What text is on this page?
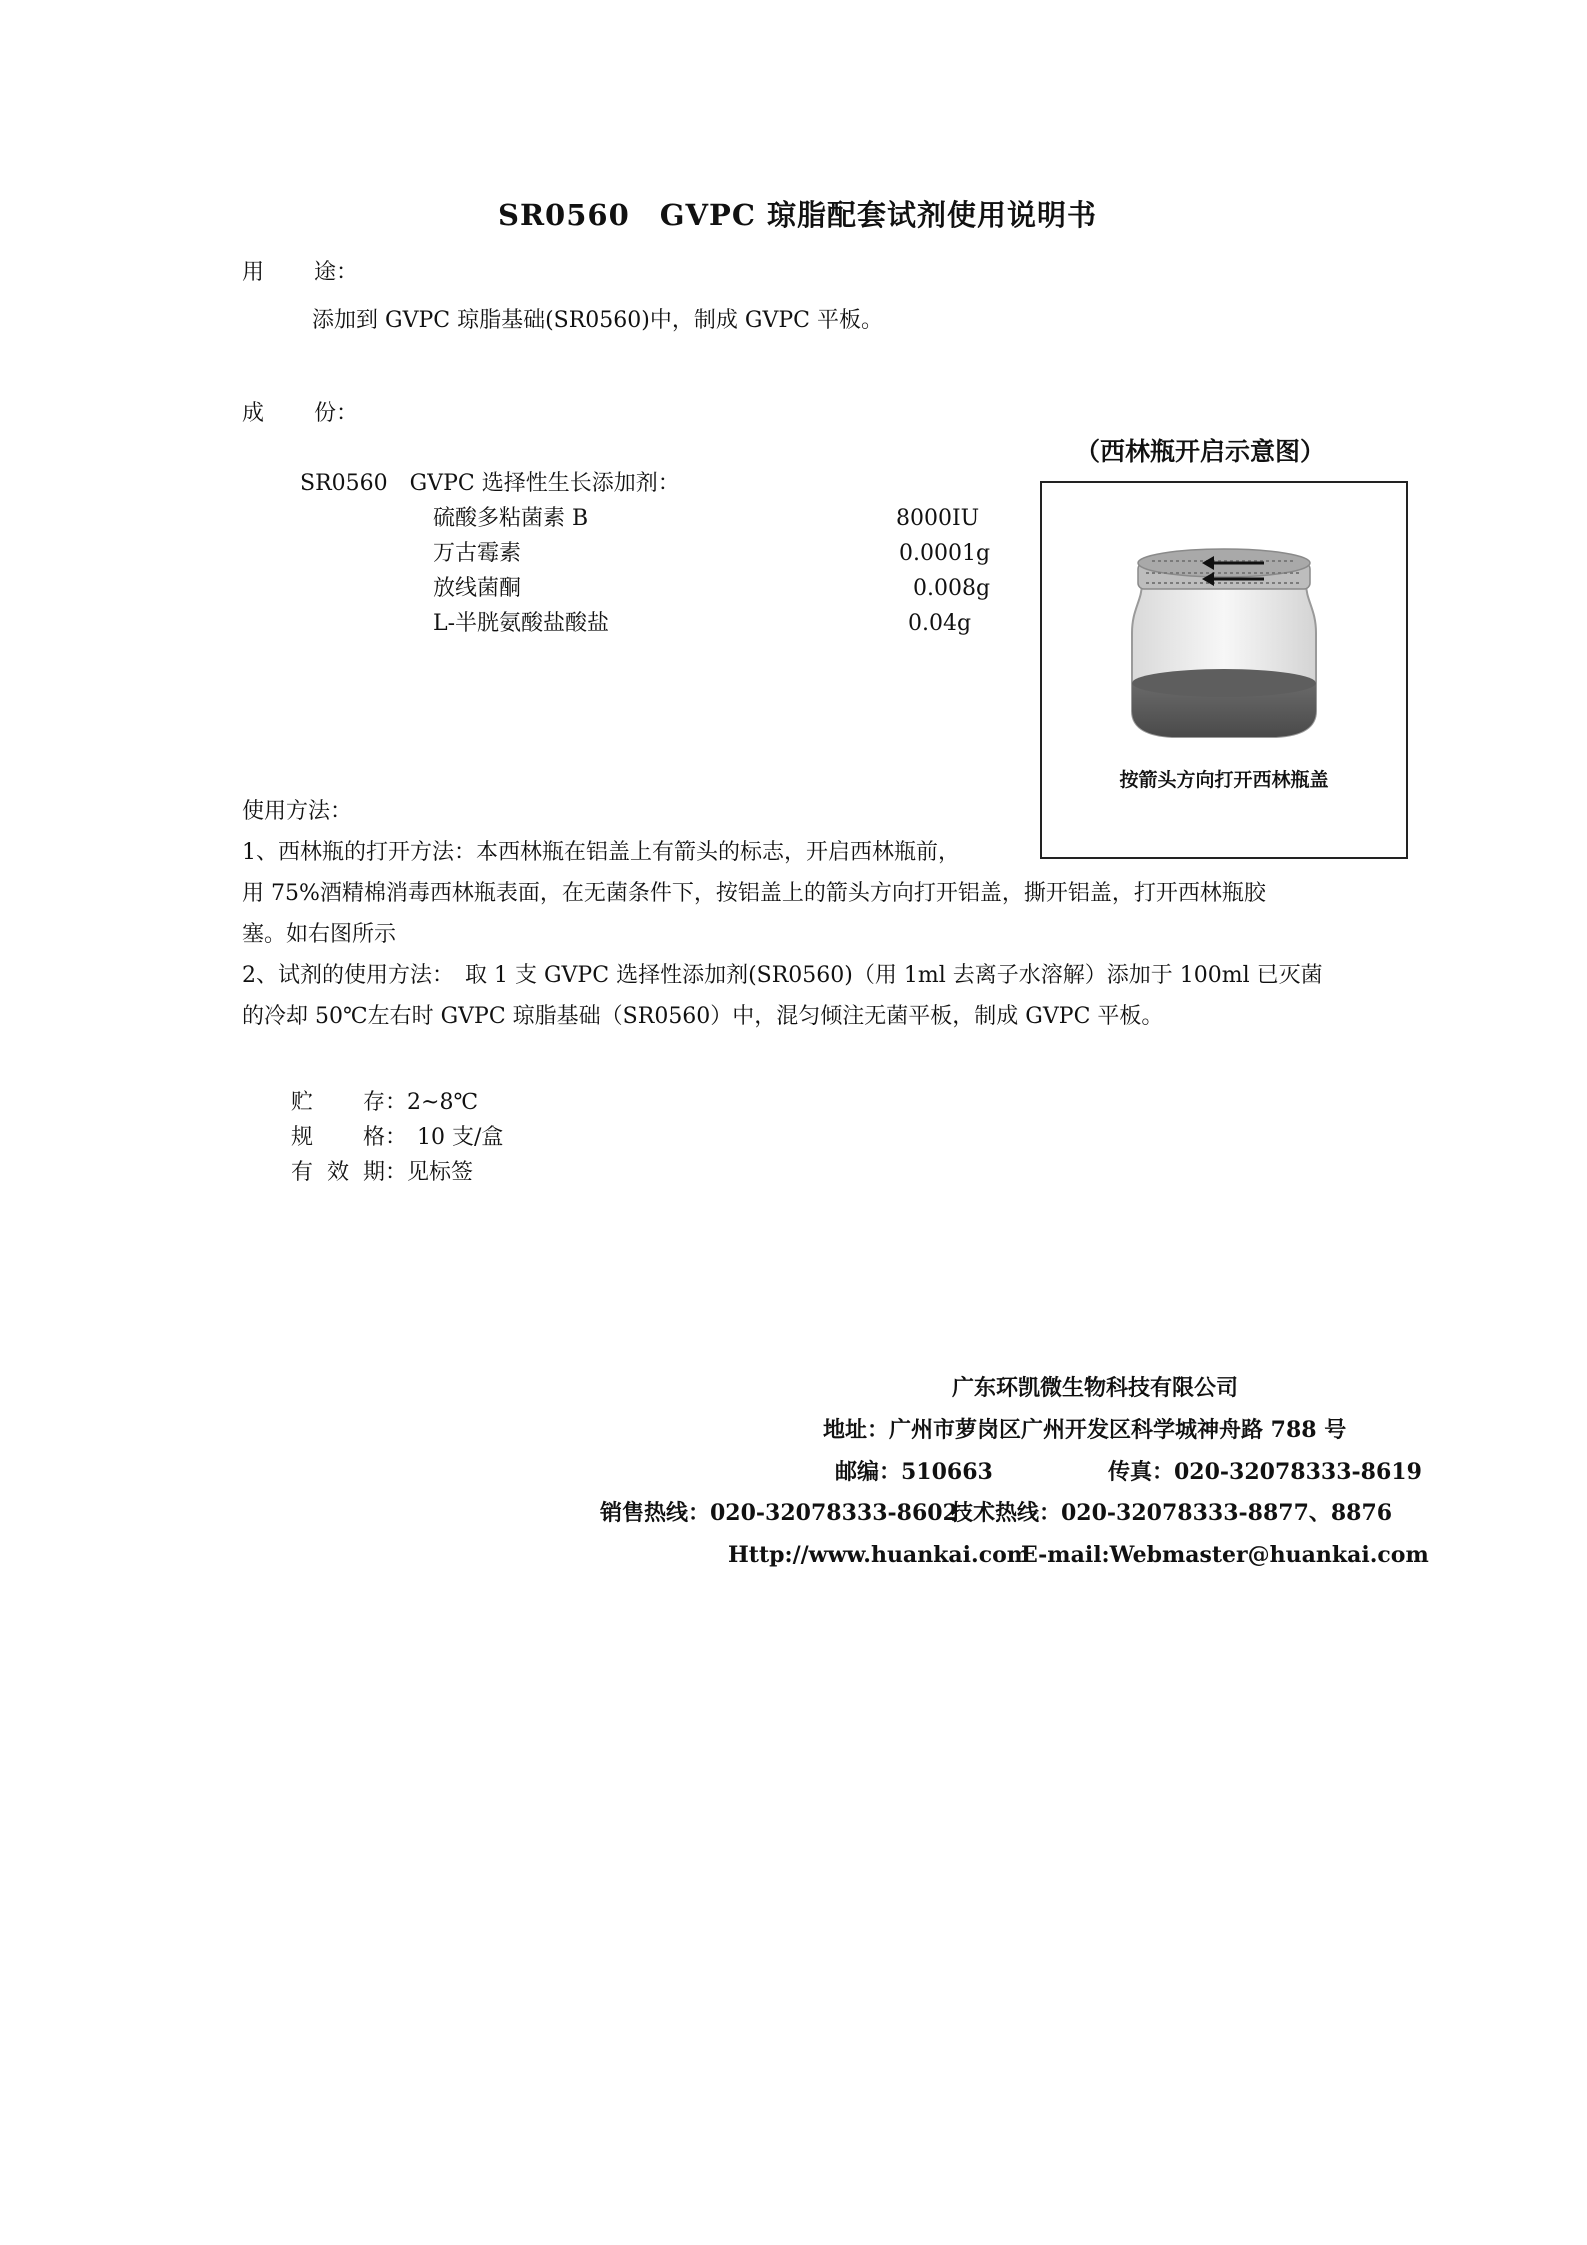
SR0560　GVPC 琼脂配套试剂使用说明书
用 途：
添加到 GVPC 琼脂基础(SR0560)中，制成 GVPC 平板。
成 份：
SR0560　GVPC 选择性生长添加剂：
硫酸多粘菌素 B	8000IU
万古霉素	0.0001g
放线菌酮	0.008g
L-半胱氨酸盐酸盐	0.04g
（西林瓶开启示意图）
按箭头方向打开西林瓶盖
使用方法：
1、西林瓶的打开方法：本西林瓶在铝盖上有箭头的标志，开启西林瓶前，
用 75%酒精棉消毒西林瓶表面，在无菌条件下，按铝盖上的箭头方向打开铝盖，撕开铝盖，打开西林瓶胶
塞。如右图所示
2、试剂的使用方法：　取 1 支 GVPC 选择性添加剂(SR0560)（用 1ml 去离子水溶解）添加于 100ml 已灭菌
的冷却 50℃左右时 GVPC 琼脂基础（SR0560）中，混匀倾注无菌平板，制成 GVPC 平板。
贮 存：2~8℃
规 格： 10 支/盒
有 效 期：见标签
广东环凯微生物科技有限公司
地址：广州市萝岗区广州开发区科学城神舟路 788 号
邮编：510663	传真：020-32078333-8619
销售热线：020-32078333-8602
技术热线：020-32078333-8877、8876
Http://www.huankai.com
E-mail:Webmaster@huankai.com
